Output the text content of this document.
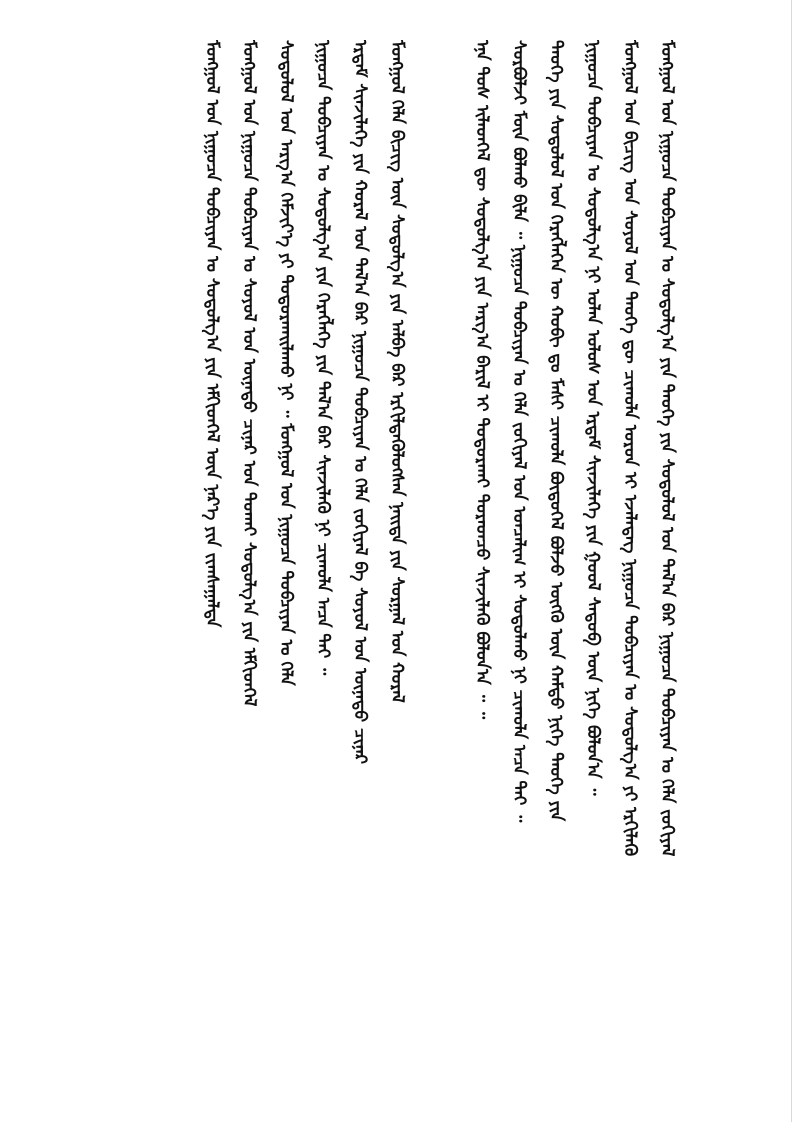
ᠮᠣᠩᠭᠣᠯ ᠤᠨ ᠨᠢᠭᠤᠴᠠ ᠲᠣᠪᠴᠢᠶᠠᠨ ᠤ ᠰᠤᠳᠤᠯᠭ᠎ᠠ ᠶᠢᠨ ᠲᠡᠦᠬᠡ ᠶᠢᠨ ᠰᠤᠳᠤᠯᠤᠯ ᠤᠨ ᠲᠠᠯ᠎ᠠ ᠪᠠᠷ ᠨᠢᠭᠤᠴᠠ ᠲᠣᠪᠴᠢᠶᠠᠨ ᠤ ᠬᠡᠯᠡ ᠵᠣᠬᠢᠶᠠᠯ
ᠮᠣᠩᠭᠣᠯ ᠤᠨ ᠪᠢᠴᠢᠭ᠌ ᠤᠨ ᠰᠣᠶᠣᠯ ᠤᠨ ᠲᠡᠦᠬᠡ ᠳᠦ ᠴᠢᠬᠤᠯᠠ ᠣᠷᠤᠨ ᠢ ᠡᠵᠡᠯᠡᠳᠡᠭ ᠨᠢᠭᠤᠴᠠ ᠲᠣᠪᠴᠢᠶᠠᠨ ᠤ ᠰᠤᠳᠤᠯᠭ᠎ᠠ ᠶᠢ ᠡᠷᠬᠢᠯᠡᠬᠦ
ᠨᠢᠭᠤᠴᠠ ᠲᠣᠪᠴᠢᠶᠠᠨ ᠤ ᠰᠤᠳᠤᠯᠭ᠎ᠠ ᠨᠢ ᠣᠯᠠᠨ ᠤᠯᠤᠰ ᠤᠨ ᠡᠷᠳᠡᠮ ᠰᠢᠨᠵᠢᠯᠡᠭᠡ ᠶᠢᠨ ᠭᠣᠣᠯ ᠰᠡᠳᠦᠪ ᠦᠨ ᠨᠢᠭᠡ ᠪᠣᠯᠤᠨ᠎ᠠ ᠃
ᠲᠡᠦᠬᠡ ᠶᠢᠨ ᠰᠤᠳᠤᠯᠤᠯ ᠤᠨ ᠬᠡᠷᠡᠭᠯᠡᠭᠡᠨ ᠦ ᠬᠤᠪᠢ ᠳᠤ ᠮᠠᠰᠢ ᠴᠢᠬᠤᠯᠠ ᠪᠦᠲᠦᠭᠡᠯ ᠪᠣᠯᠵᠤ ᠥᠭᠬᠦ ᠦᠨ ᠬᠠᠮᠲᠤ ᠨᠢᠭᠡ ᠲᠡᠦᠬᠡ ᠶᠢᠨ
ᠰᠤᠷᠪᠤᠯᠵᠢ ᠮᠥᠨ ᠪᠣᠯᠬᠤ ᠪᠢᠯᠡ ᠃ ᠨᠢᠭᠤᠴᠠ ᠲᠣᠪᠴᠢᠶᠠᠨ ᠤ ᠬᠡᠯᠡ ᠵᠣᠬᠢᠶᠠᠯ ᠤᠨ ᠣᠨᠴᠠᠯᠢᠭ ᠢ ᠰᠤᠳᠤᠯᠬᠤ ᠨᠢ ᠴᠢᠬᠤᠯᠠ ᠠᠴᠠ ᠲᠠᠢ ᠃
ᠡᠨᠡ ᠲᠤᠰ ᠢᠯᠡᠳᠬᠡᠯ ᠳᠦ ᠰᠤᠳᠤᠯᠭ᠎ᠠ ᠶᠢᠨ ᠠᠷᠭ᠎ᠠ ᠪᠠᠷᠢᠯ ᠢ ᠲᠣᠳᠣᠷᠬᠠᠢ ᠳᠤᠷᠠᠳᠴᠤ ᠰᠢᠨᠵᠢᠯᠡᠬᠦ ᠪᠣᠯᠤᠨ᠎ᠠ ᠃ ᠃
ᠮᠣᠩᠭᠣᠯ ᠬᠡᠯᠡ ᠪᠢᠴᠢᠭ᠌ ᠦᠨ ᠰᠤᠳᠤᠯᠭ᠎ᠠ ᠶᠢᠨ ᠠᠯᠪᠠ ᠪᠠᠷ ᠡᠷᠭᠢᠯᠳᠡᠭᠦᠯᠦᠭᠰᠡᠨ ᠨᠡᠢᠲᠡ ᠶᠢᠨ ᠰᠤᠷᠭᠠᠯ ᠤᠨ ᠬᠤᠷᠠᠯ
ᠡᠷᠳᠡᠮ ᠰᠢᠨᠵᠢᠯᠡᠭᠡ ᠶᠢᠨ ᠬᠤᠷᠠᠯ ᠤᠨ ᠲᠠᠯ᠎ᠠ ᠪᠠᠷ ᠨᠢᠭᠤᠴᠠ ᠲᠣᠪᠴᠢᠶᠠᠨ ᠤ ᠬᠡᠯᠡ ᠵᠣᠬᠢᠶᠠᠯ ᠪᠠ ᠰᠣᠶᠣᠯ ᠤᠨ ᠦᠨᠡᠲᠦ ᠴᠢᠨᠠᠷ
ᠨᠢᠭᠤᠴᠠ ᠲᠣᠪᠴᠢᠶᠠᠨ ᠤ ᠰᠤᠳᠤᠯᠭ᠎ᠠ ᠶᠢᠨ ᠬᠡᠷᠡᠭᠯᠡᠭᠡ ᠶᠢᠨ ᠲᠠᠯ᠎ᠠ ᠪᠠᠷ ᠰᠢᠨᠵᠢᠯᠡᠬᠦ ᠨᠢ ᠴᠢᠬᠤᠯᠠ ᠠᠴᠠ ᠲᠠᠢ ᠃
ᠰᠤᠳᠤᠯᠤᠯ ᠤᠨ ᠠᠷᠭ᠎ᠠ ᠬᠡᠮᠵᠢᠶ᠎ᠡ ᠶᠢ ᠲᠣᠳᠣᠷᠬᠠᠢᠯᠠᠬᠤ ᠨᠢ ᠃ ᠮᠣᠩᠭᠣᠯ ᠤᠨ ᠨᠢᠭᠤᠴᠠ ᠲᠣᠪᠴᠢᠶᠠᠨ ᠤ ᠬᠡᠯᠡ
ᠮᠣᠩᠭᠣᠯ ᠤᠨ ᠨᠢᠭᠤᠴᠠ ᠲᠣᠪᠴᠢᠶᠠᠨ ᠤ ᠰᠣᠶᠣᠯ ᠤᠨ ᠦᠨᠡᠲᠦ ᠴᠢᠨᠠᠷ ᠤᠨ ᠲᠤᠬᠠᠢ ᠰᠤᠳᠤᠯᠭ᠎ᠠ ᠶᠢᠨ ᠡᠮᠬᠢᠳᠬᠡᠯ
ᠮᠣᠩᠭᠣᠯ ᠤᠨ ᠨᠢᠭᠤᠴᠠ ᠲᠣᠪᠴᠢᠶᠠᠨ ᠤ ᠰᠤᠳᠤᠯᠭ᠎ᠠ ᠶᠢᠨ ᠡᠮᠬᠢᠳᠬᠡᠯ ᠦᠨ ᠨᠡᠷ᠎ᠡ ᠶᠢᠨ ᠵᠢᠭᠰᠠᠭᠠᠯᠲᠠ
